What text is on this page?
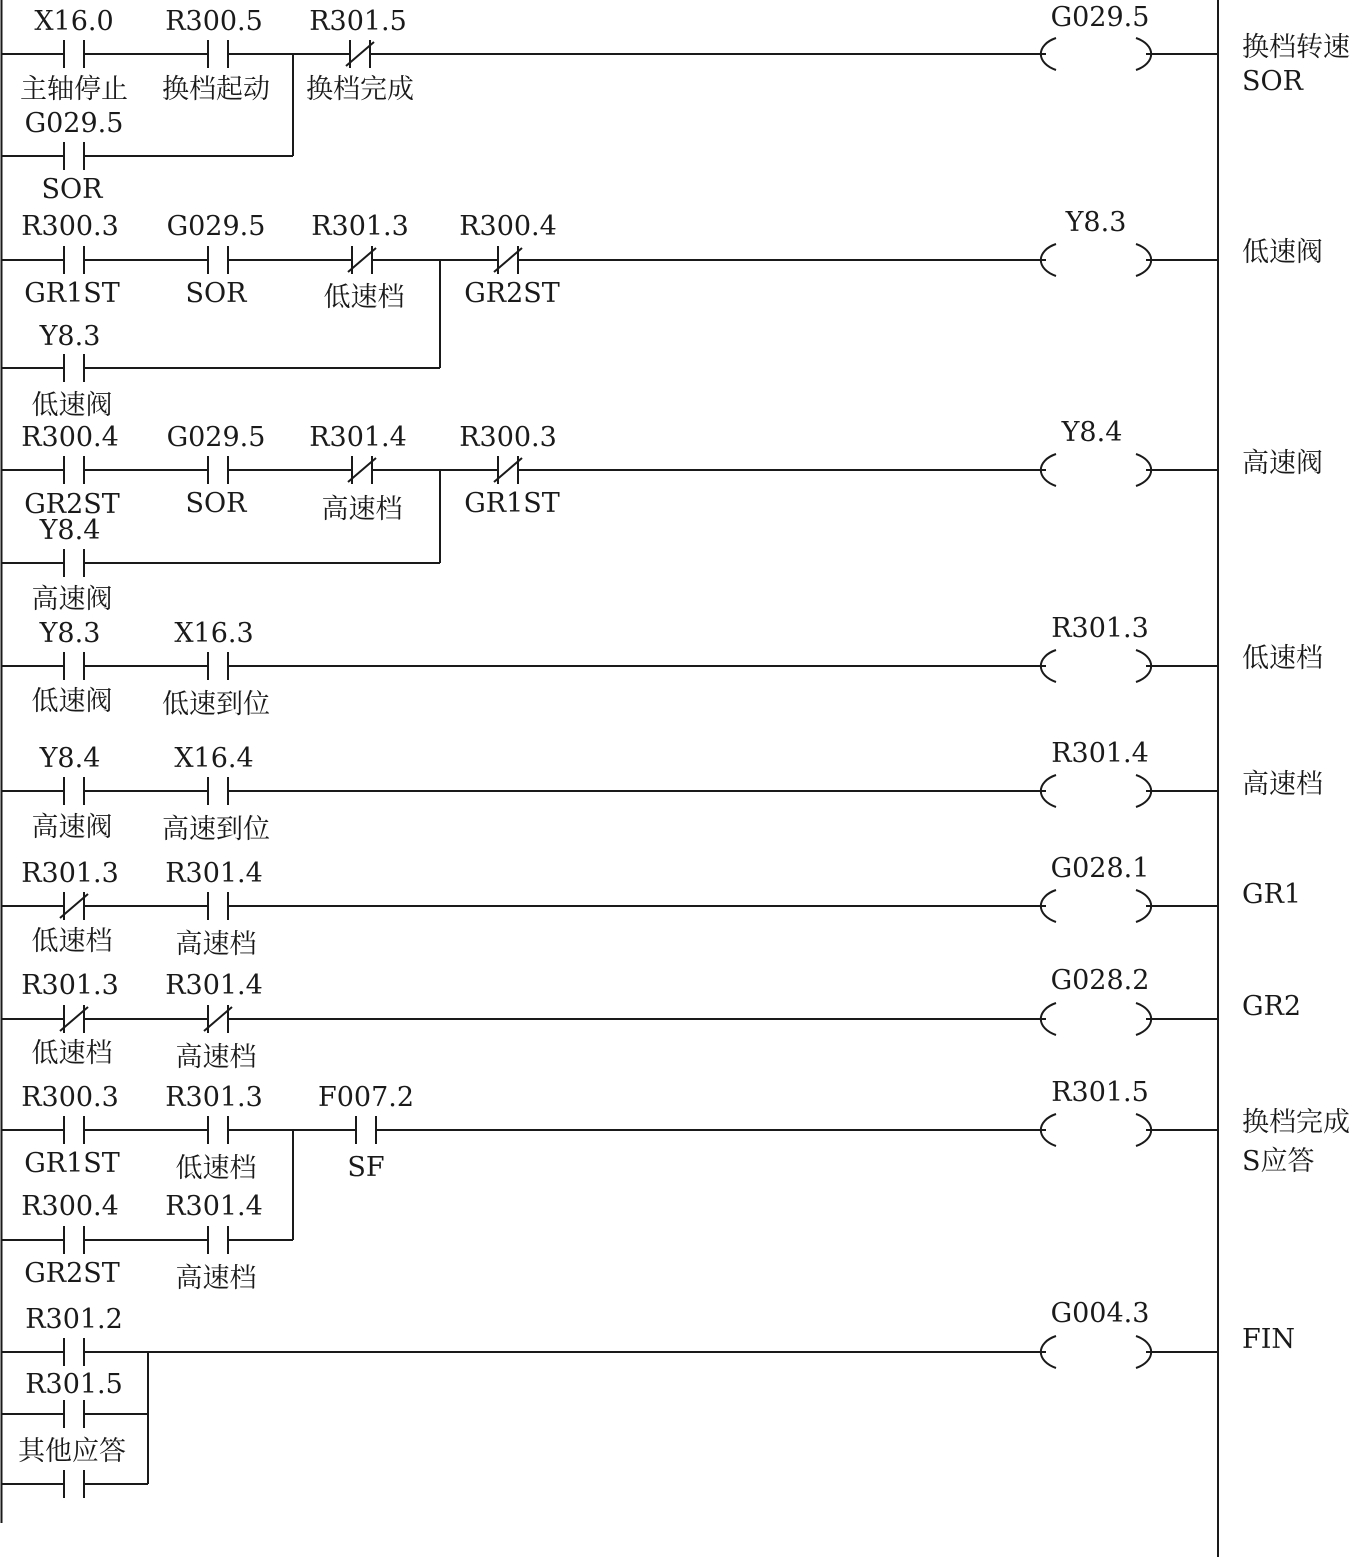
X16.0
主轴停止
R300.5
换档起动
R301.5
换档完成
G029.5
SOR
G029.5
换档转速
SOR
R300.3
GR1ST
G029.5
SOR
R301.3
低速档
R300.4
GR2ST
Y8.3
低速阀
Y8.3
低速阀
R300.4
GR2ST
G029.5
SOR
R301.4
高速档
R300.3
GR1ST
Y8.4
高速阀
Y8.4
高速阀
Y8.3
低速阀
X16.3
低速到位
R301.3
低速档
Y8.4
高速阀
X16.4
高速到位
R301.4
高速档
R301.3
低速档
R301.4
高速档
G028.1
GR1
R301.3
低速档
R301.4
高速档
G028.2
GR2
R300.3
GR1ST
R301.3
低速档
F007.2
SF
R300.4
GR2ST
R301.4
高速档
R301.5
换档完成
S应答
R301.2
R301.5
其他应答
G004.3
FIN
